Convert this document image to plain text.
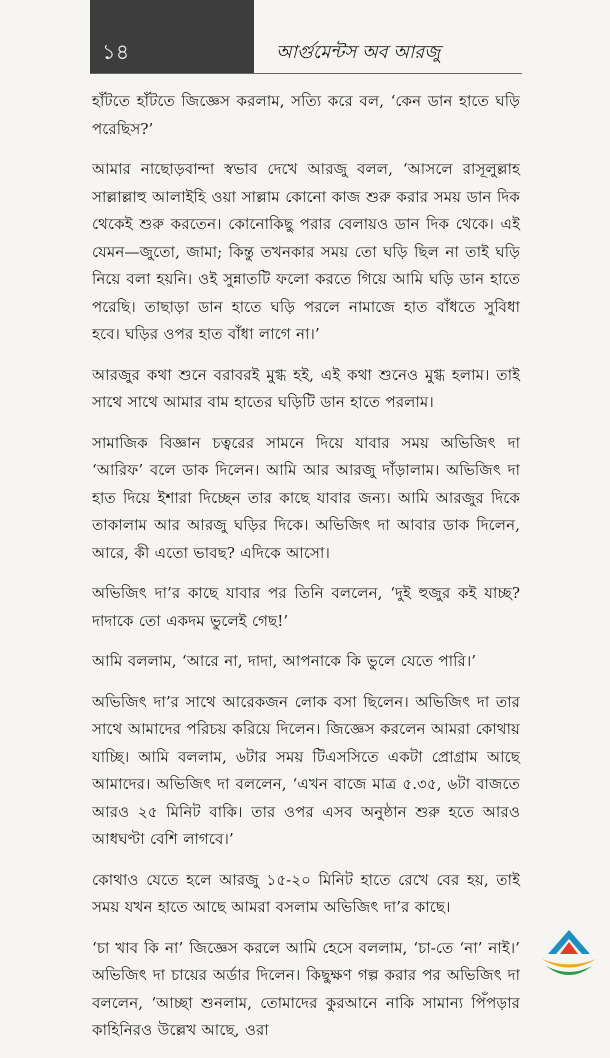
১৪	আর্গুমেন্টস অব আরজু

হাঁটতে হাঁটতে জিজ্ঞেস করলাম, সত্যি করে বল, ‘কেন ডান হাতে ঘড়ি পরেছিস?’

আমার নাছোড়বান্দা স্বভাব দেখে আরজু বলল, ‘আসলে রাসূলুল্লাহ সাল্লাল্লাহু আলাইহি ওয়া সাল্লাম কোনো কাজ শুরু করার সময় ডান দিক থেকেই শুরু করতেন। কোনোকিছু পরার বেলায়ও ডান দিক থেকে। এই যেমন—জুতো, জামা; কিন্তু তখনকার সময় তো ঘড়ি ছিল না তাই ঘড়ি নিয়ে বলা হয়নি। ওই সুন্নাতটি ফলো করতে গিয়ে আমি ঘড়ি ডান হাতে পরেছি। তাছাড়া ডান হাতে ঘড়ি পরলে নামাজে হাত বাঁধতে সুবিধা হবে। ঘড়ির ওপর হাত বাঁধা লাগে না।’

আরজুর কথা শুনে বরাবরই মুগ্ধ হই, এই কথা শুনেও মুগ্ধ হলাম। তাই সাথে সাথে আমার বাম হাতের ঘড়িটি ডান হাতে পরলাম।

সামাজিক বিজ্ঞান চত্বরের সামনে দিয়ে যাবার সময় অভিজিৎ দা ‘আরিফ’ বলে ডাক দিলেন। আমি আর আরজু দাঁড়ালাম। অভিজিৎ দা হাত দিয়ে ইশারা দিচ্ছেন তার কাছে যাবার জন্য। আমি আরজুর দিকে তাকালাম আর আরজু ঘড়ির দিকে। অভিজিৎ দা আবার ডাক দিলেন, আরে, কী এতো ভাবছ? এদিকে আসো।

অভিজিৎ দা’র কাছে যাবার পর তিনি বললেন, ‘দুই হুজুর কই যাচ্ছ? দাদাকে তো একদম ভুলেই গেছ!’

আমি বললাম, ‘আরে না, দাদা, আপনাকে কি ভুলে যেতে পারি।’

অভিজিৎ দা’র সাথে আরেকজন লোক বসা ছিলেন। অভিজিৎ দা তার সাথে আমাদের পরিচয় করিয়ে দিলেন। জিজ্ঞেস করলেন আমরা কোথায় যাচ্ছি। আমি বললাম, ৬টার সময় টিএসসিতে একটা প্রোগ্রাম আছে আমাদের। অভিজিৎ দা বললেন, ‘এখন বাজে মাত্র ৫.৩৫, ৬টা বাজতে আরও ২৫ মিনিট বাকি। তার ওপর এসব অনুষ্ঠান শুরু হতে আরও আধঘণ্টা বেশি লাগবে।’

কোথাও যেতে হলে আরজু ১৫-২০ মিনিট হাতে রেখে বের হয়, তাই সময় যখন হাতে আছে আমরা বসলাম অভিজিৎ দা’র কাছে।

‘চা খাব কি না’ জিজ্ঞেস করলে আমি হেসে বললাম, ‘চা-তে ‘না’ নাই।’ অভিজিৎ দা চায়ের অর্ডার দিলেন। কিছুক্ষণ গল্প করার পর অভিজিৎ দা বললেন, ‘আচ্ছা শুনলাম, তোমাদের কুরআনে নাকি সামান্য পিঁপড়ার কাহিনিরও উল্লেখ আছে, ওরা
